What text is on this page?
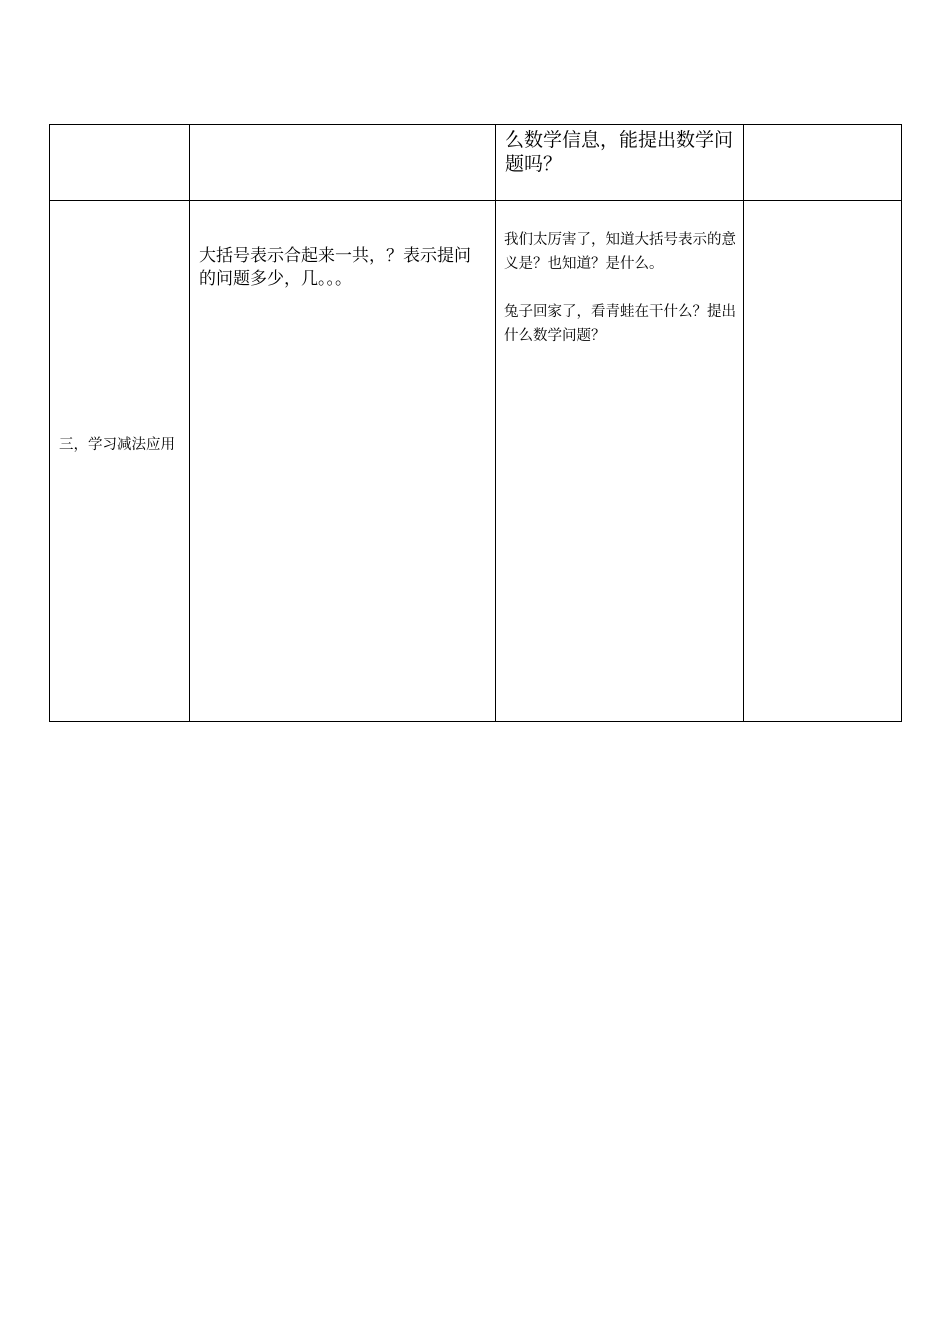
		么数学信息，能提出数学问题吗？	

三，学习减法应用	大括号表示合起来一共，？表示提问的问题多少，几。。。	我们太厉害了，知道大括号表示的意义是？也知道？是什么。

兔子回家了，看青蛙在干什么？提出什么数学问题？	
